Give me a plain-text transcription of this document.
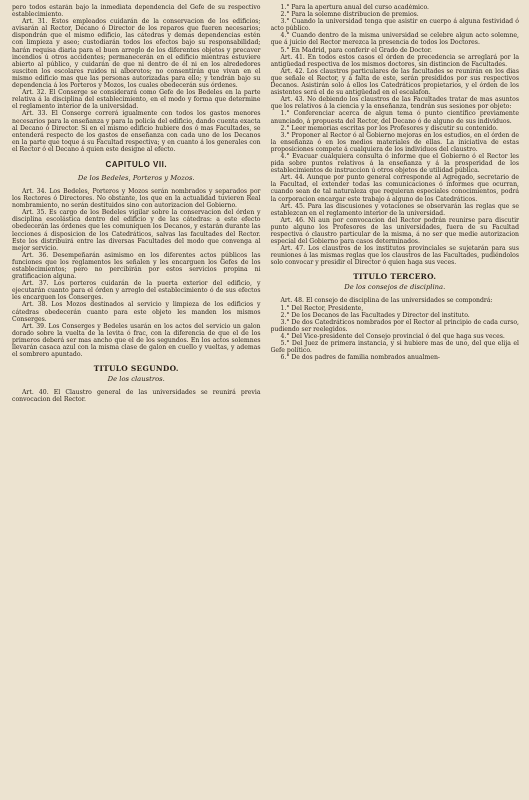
pero todos estarán bajo la inmediata dependencia del Gefe de su respectivo establecimiento.

Art. 31. Estos empleados cuidarán de la conservacion de los edificios; avisarán al Rector, Decano ó Director de los reparos que fueren necesarios; dispondrán que el mismo edificio, las cátedras y demas dependencias estén con limpieza y aseo; custodiarán todos los efectos bajo su responsabilidad; harán requisa diaria para el buen arreglo de los diferentes objetos y precaver incendios ú otros accidentes; permanecerán en el edificio mientras estuviere abierto al público, y cuidarán de que ni dentro de él ni en los alrededores susciten los escolares ruidos ni alborotos; no consentirán que vivan en el mismo edificio mas que las personas autorizadas para ello; y tendrán bajo su dependencia á los Porteros y Mozos, los cuales obedecerán sus órdenes.

Art. 32. El Conserge se considerará como Gefe de los Bedeles en la parte relativa á la disciplina del establecimiento, en el modo y forma que determine el reglamento interior de la universidad.

Art. 33. El Conserge correrá igualmente con todos los gastos menores necesarios para la enseñanza y para la policía del edificio, dando cuenta exacta al Decano ó Director. Si en el mismo edificio hubiere dos ó mas Facultades, se entenderá respecto de los gastos de enseñanza con cada uno de los Decanos en la parte que toque á su Facultad respectiva; y en cuanto á los generales con el Rector ó el Decano á quien este designe al efecto.

CAPITULO VII.
De los Bedeles, Porteros y Mozos.

Art. 34. Los Bedeles, Porteros y Mozos serán nombrados y separados por los Rectores ó Directores. No obstante, los que en la actualidad tuvieren Real nombramiento, no serán destituidos sino con autorizacion del Gobierno.

Art. 35. Es cargo de los Bedeles vigilar sobre la conservacion del órden y disciplina escolástica dentro del edificio y de las cátedras: a este efecto obedecerán las órdenes que les comuniquen los Decanos, y estarán durante las lecciones á disposicion de los Catedráticos, salvas las facultades del Rector. Este los distribuirá entre las diversas Facultades del modo que convenga al mejor servicio.

Art. 36. Desempeñarán asimismo en los diferentes actos públicos las funciones que los reglamentos les señalen y les encarguen los Gefes de los establecimientos; pero no percibirán por estos servicios propina ni gratificacion alguna.

Art. 37. Los porteros cuidarán de la puerta exterior del edificio, y ejecutarán cuanto para el órden y arreglo del establecimiento ó de sus efectos les encarguen los Conserges.

Art. 38. Los Mozos destinados al servicio y limpieza de los edificios y cátedras obedecerán cuanto para este objeto les manden los mismos Conserges.

Art. 39. Los Conserges y Bedeles usarán en los actos del servicio un galon dorado sobre la vuelta de la levita ó frac, con la diferencia de que el de los primeros deberá ser mas ancho que el de los segundos. En los actos solemnes llevarán casaca azul con la misma clase de galon en cuello y vueltas, y ademas el sombrero apuntado.

TITULO SEGUNDO.
De los claustros.

Art. 40. El Claustro general de las universidades se reunirá previa convocacion del Rector.

1.° Para la apertura anual del curso académico.

2.° Para la solemne distribucion de premios.

3.° Cuando la universidad tenga que asistir en cuerpo á alguna festividad ó acto público.

4.° Cuando dentro de la misma universidad se celebre algun acto solemne, que á juicio del Rector merezca la presencia de todos los Doctores.

5.° En Madrid, para conferir el Grado de Doctor.

Art. 41. En todos estos casos el órden de precedencia se arreglará por la antigüedad respectiva de los mismos doctores, sin distincion de Facultades.

Art. 42. Los claustros particulares de las facultades se reunirán en los dias que señale el Rector, y á falta de este, serán presididos por sus respectivos Decanos. Asistirán solo á ellos los Catedráticos propietarios, y el órden de los asistentes será el de su antigüedad en el escalafon.

Art. 43. No debiendo los claustros de las Facultades tratar de mas asuntos que los relativos á la ciencia y la enseñanza, tendrán sus sesiones por objeto:

1.° Conferenciar acerca de algun tema ó punto científico previamente anunciado, á propuesta del Rector, del Decano ó de alguno de sus individuos.

2.° Leer memorias escritas por los Profesores y discutir su contenido.

3.° Proponer al Rector ó al Gobierno mejoras en los estudios, en el órden de la enseñanza ó en los medios materiales de ellas. La iniciativa de estas proposiciones compete á cualquiera de los individuos del claustro.

4.° Evacuar cualquiera consulta ó informe que el Gobierno ó el Rector les pida sobre puntos relativos á la enseñanza y á la prosperidad de los establecimientos de instruccion ú otros objetos de utilidad pública.

Art. 44. Aunque por punto general corresponde al Agregado, secretario de la Facultad, el extender todas las comunicaciones ó informes que ocurran, cuando sean de tal naturaleza que requieran especiales conocimientos, podrá la corporacion encargar este trabajo á alguno de los Catedráticos.

Art. 45. Para las discusiones y votaciones se observarán las reglas que se establezcan en el reglamento interior de la universidad.

Art. 46. Ni aun por convocacion del Rector podrán reunirse para discutir punto alguno los Profesores de las universidades, fuera de su Facultad respectiva ó claustro particular de la misma, á no ser que medie autorizacion especial del Gobierno para casos determinados.

Art. 47. Los claustros de los institutos provinciales se sujetarán para sus reuniones á las mismas reglas que los claustros de las Facultades, pudiéndolos solo convocar y presidir el Director ó quien haga sus veces.

TITULO TERCERO.
De los consejos de disciplina.

Art. 48. El consejo de disciplina de las universidades se compondrá:

1.° Del Rector, Presidente,

2.° De los Decanos de las Facultades y Director del instituto.

3.° De dos Catedráticos nombrados por el Rector al principio de cada curso, pudiendo ser reelegidos.

4.° Del Vice-presidente del Consejo provincial ó del que haga sus veces.

5.° Del Juez de primera instancia, y si hubiere mas de uno, del que elija el Gefe político.

6.° De dos padres de familia nombrados anualmen-
